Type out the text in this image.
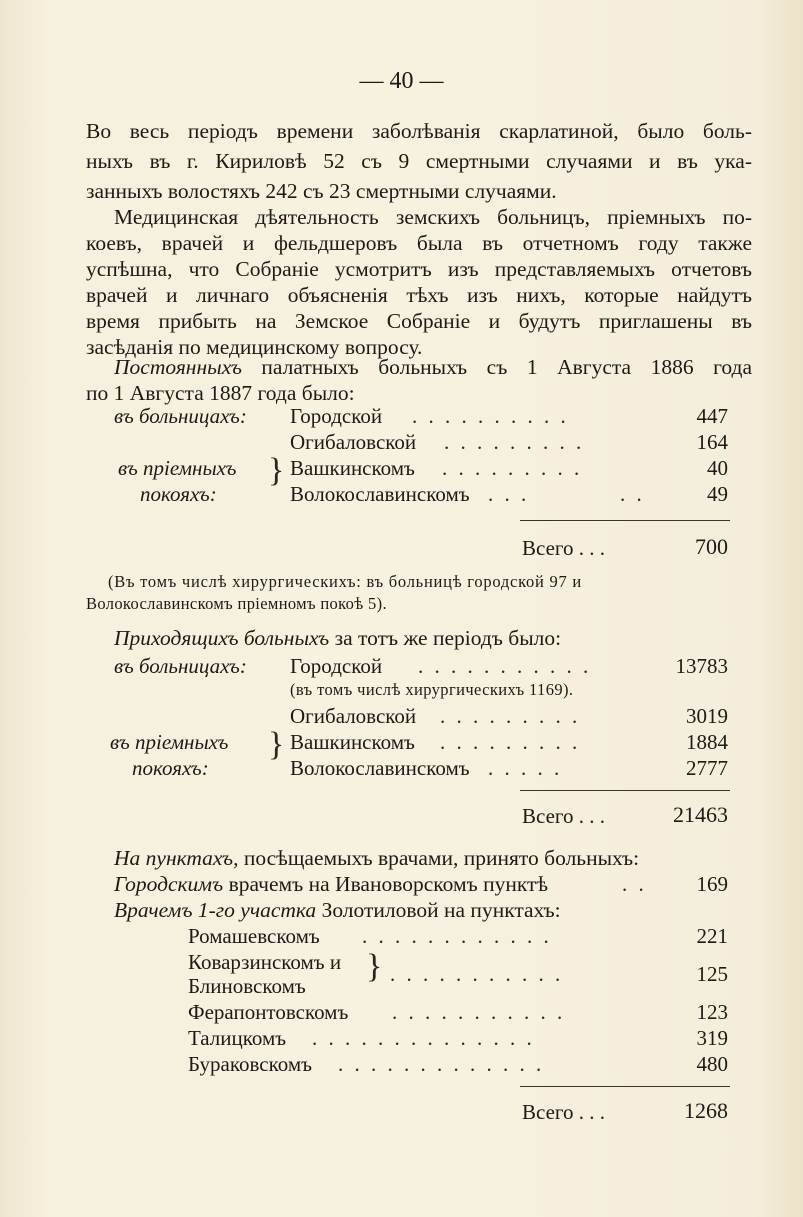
— 40 —
Во весь періодъ времени заболѣванія скарлатиной, было боль-
ныхъ въ г. Кириловѣ 52 съ 9 смертными случаями и въ ука-
занныхъ волостяхъ 242 съ 23 смертными случаями.
Медицинская дѣятельность земскихъ больницъ, пріемныхъ по-
коевъ, врачей и фельдшеровъ была въ отчетномъ году также
успѣшна, что Собраніе усмотритъ изъ представляемыхъ отчетовъ
врачей и личнаго объясненія тѣхъ изъ нихъ, которые найдутъ
время прибыть на Земское Собраніе и будутъ приглашены въ
засѣданія по медицинскому вопросу.
Постоянныхъ палатныхъ больныхъ съ 1 Августа 1886 года
по 1 Августа 1887 года было:
въ больницахъ: Городской . . . . . . . . . .	447
Огибаловской . . . . . . . . .	164
въ пріемныхъ
покояхъ:
} Вашкинскомъ . . . . . . . . .	40
Волокославинскомъ . . .	. .	49
Всего . . .	700
(Въ томъ числѣ хирургическихъ: въ больницѣ городской 97 и
Волокославинскомъ пріемномъ покоѣ 5).
Приходящихъ больныхъ за тотъ же періодъ было:
въ больницахъ: Городской . . . . . . . . . . .	13783
(въ томъ числѣ хирургическихъ 1169).
Огибаловской . . . . . . . . .	3019
въ пріемныхъ
покояхъ:
} Вашкинскомъ . . . . . . . . .	1884
Волокославинскомъ . . . . .	2777
Всего . . .	21463
На пунктахъ, посѣщаемыхъ врачами, принято больныхъ:
Городскимъ врачемъ на Ивановорскомъ пунктѣ	. .	169
Врачемъ 1-го участка Золотиловой на пунктахъ:
Ромашевскомъ . . . . . . . . . . . .	221
Коварзинскомъ и
Блиновскомъ
} . . . . . . . . . . .	125
Ферапонтовскомъ . . . . . . . . . . .	123
Талицкомъ . . . . . . . . . . . . . .	319
Бураковскомъ . . . . . . . . . . . . .	480
Всего . . .	1268
